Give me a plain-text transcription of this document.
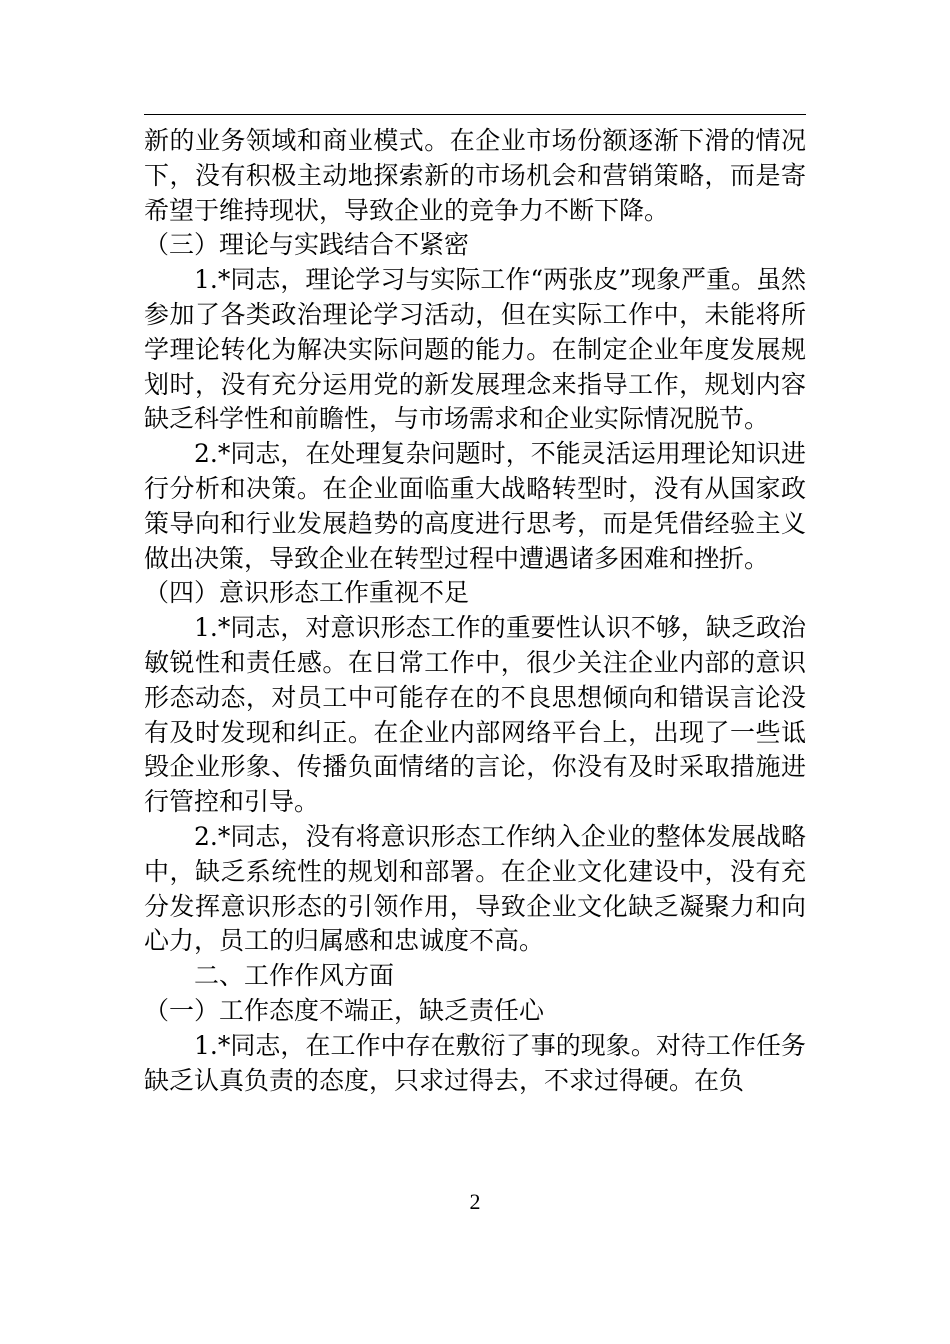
新的业务领域和商业模式。在企业市场份额逐渐下滑的情况下，没有积极主动地探索新的市场机会和营销策略，而是寄希望于维持现状，导致企业的竞争力不断下降。

（三）理论与实践结合不紧密

1.*同志，理论学习与实际工作“两张皮”现象严重。虽然参加了各类政治理论学习活动，但在实际工作中，未能将所学理论转化为解决实际问题的能力。在制定企业年度发展规划时，没有充分运用党的新发展理念来指导工作，规划内容缺乏科学性和前瞻性，与市场需求和企业实际情况脱节。

2.*同志，在处理复杂问题时，不能灵活运用理论知识进行分析和决策。在企业面临重大战略转型时，没有从国家政策导向和行业发展趋势的高度进行思考，而是凭借经验主义做出决策，导致企业在转型过程中遭遇诸多困难和挫折。

（四）意识形态工作重视不足

1.*同志，对意识形态工作的重要性认识不够，缺乏政治敏锐性和责任感。在日常工作中，很少关注企业内部的意识形态动态，对员工中可能存在的不良思想倾向和错误言论没有及时发现和纠正。在企业内部网络平台上，出现了一些诋毁企业形象、传播负面情绪的言论，你没有及时采取措施进行管控和引导。

2.*同志，没有将意识形态工作纳入企业的整体发展战略中，缺乏系统性的规划和部署。在企业文化建设中，没有充分发挥意识形态的引领作用，导致企业文化缺乏凝聚力和向心力，员工的归属感和忠诚度不高。

二、工作作风方面

（一）工作态度不端正，缺乏责任心

1.*同志，在工作中存在敷衍了事的现象。对待工作任务缺乏认真负责的态度，只求过得去，不求过得硬。在负

2
